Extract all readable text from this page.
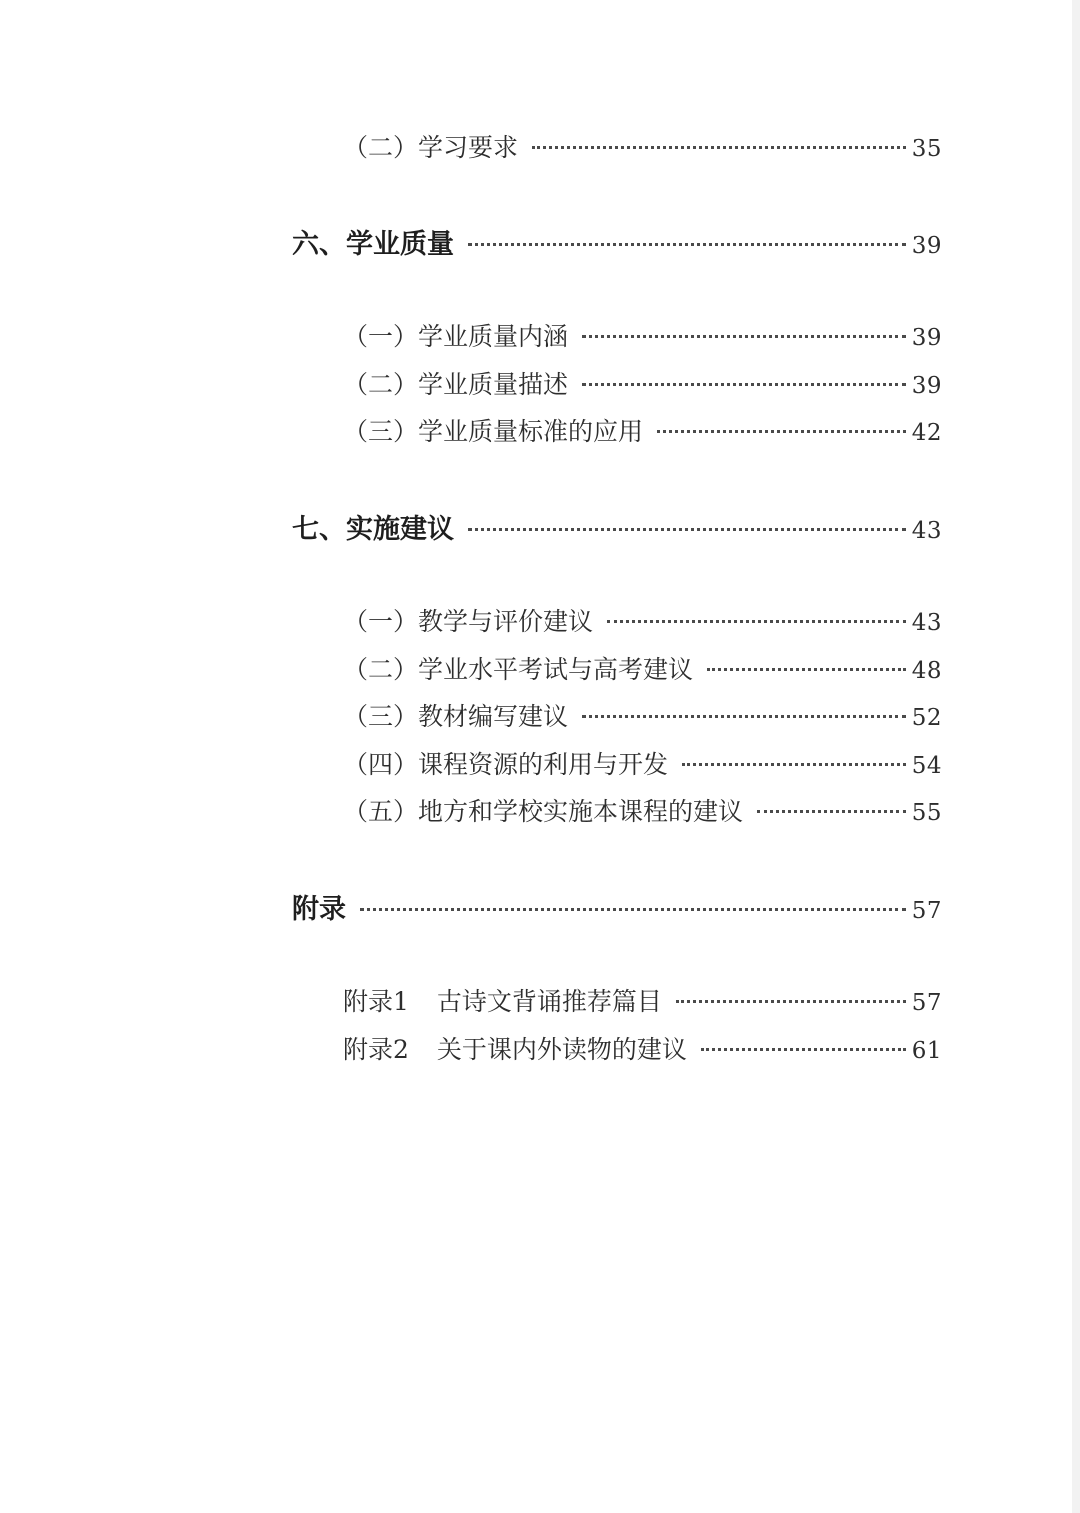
（二）学习要求	35
六、学业质量	39
（一）学业质量内涵	39
（二）学业质量描述	39
（三）学业质量标准的应用	42
七、实施建议	43
（一）教学与评价建议	43
（二）学业水平考试与高考建议	48
（三）教材编写建议	52
（四）课程资源的利用与开发	54
（五）地方和学校实施本课程的建议	55
附录	57
附录1 古诗文背诵推荐篇目	57
附录2 关于课内外读物的建议	61
